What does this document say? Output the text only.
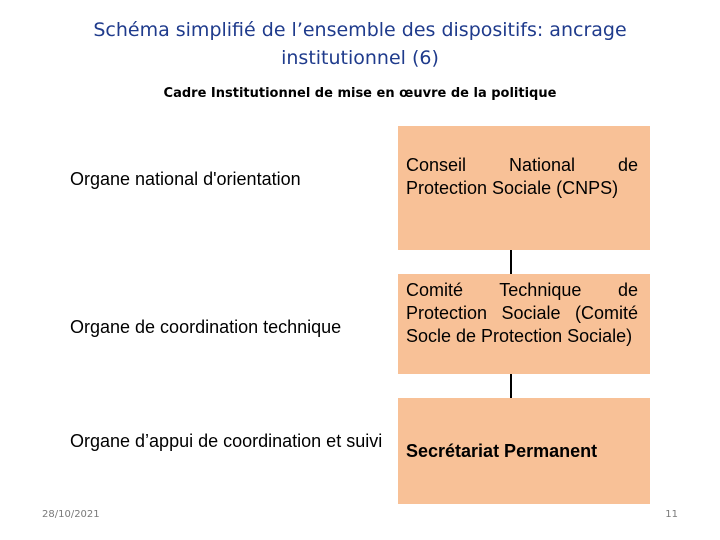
Schéma simplifié de l’ensemble des dispositifs: ancrage institutionnel (6)
Cadre Institutionnel de mise en œuvre de la politique
Organe national d'orientation
Conseil National de Protection Sociale (CNPS)
Organe de coordination technique
Comité Technique de Protection Sociale (Comité Socle de Protection Sociale)
Organe d’appui de coordination et suivi	Secrétariat Permanent
28/10/2021	11
